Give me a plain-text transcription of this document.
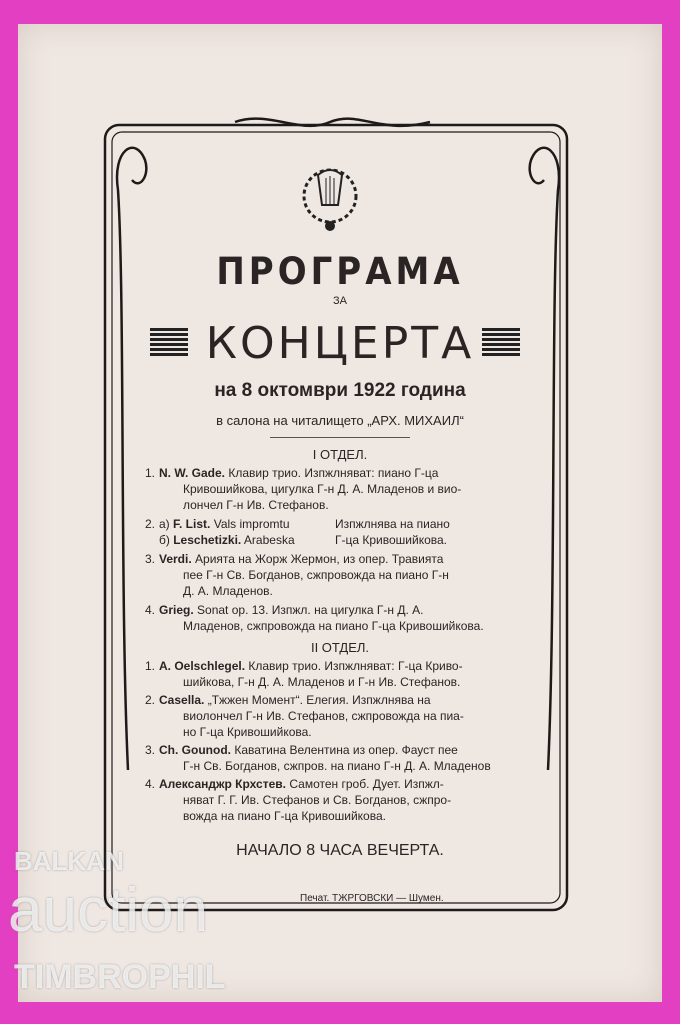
ПРОГРАМА
ЗА
КОНЦЕРТА
на 8 октомври 1922 година
в салона на читалището „АРХ. МИХАИЛ“
I ОТДЕЛ.
1. N. W. Gade. Клавир трио. Изпжлняват: пиано Г-ца
Кривошийкова, цигулка Г-н Д. А. Младенов и вио-
лончел Г-н Ив. Стефанов.
2. а) F. List. Vals impromtu	Изпжлнява на пиано
б) Leschetizki. Arabeska	Г-ца Кривошийкова.
3. Verdi. Арията на Жорж Жермон, из опер. Травията
пее Г-н Св. Богданов, сжпровожда на пиано Г-н
Д. А. Младенов.
4. Grieg. Sonat op. 13. Изпжл. на цигулка Г-н Д. А.
Младенов, сжпровожда на пиано Г-ца Кривошийкова.
II ОТДЕЛ.
1. A. Oelschlegel. Клавир трио. Изпжлняват: Г-ца Криво-
шийкова, Г-н Д. А. Младенов и Г-н Ив. Стефанов.
2. Casella. „Тжжен Момент“. Елегия. Изпжлнява на
виолончел Г-н Ив. Стефанов, сжпровожда на пиа-
но Г-ца Кривошийкова.
3. Ch. Gounod. Каватина Велентина из опер. Фауст пее
Г-н Св. Богданов, сжпров. на пиано Г-н Д. А. Младенов
4. Александжр Крхстев. Самотен гроб. Дует. Изпжл-
няват Г. Г. Ив. Стефанов и Св. Богданов, сжпро-
вожда на пиано Г-ца Кривошийкова.
НАЧАЛО 8 ЧАСА ВЕЧЕРТА.
Печат. ТЖРГОВСКИ — Шумен.
BALKAN
auction
TIMBROPHIL
